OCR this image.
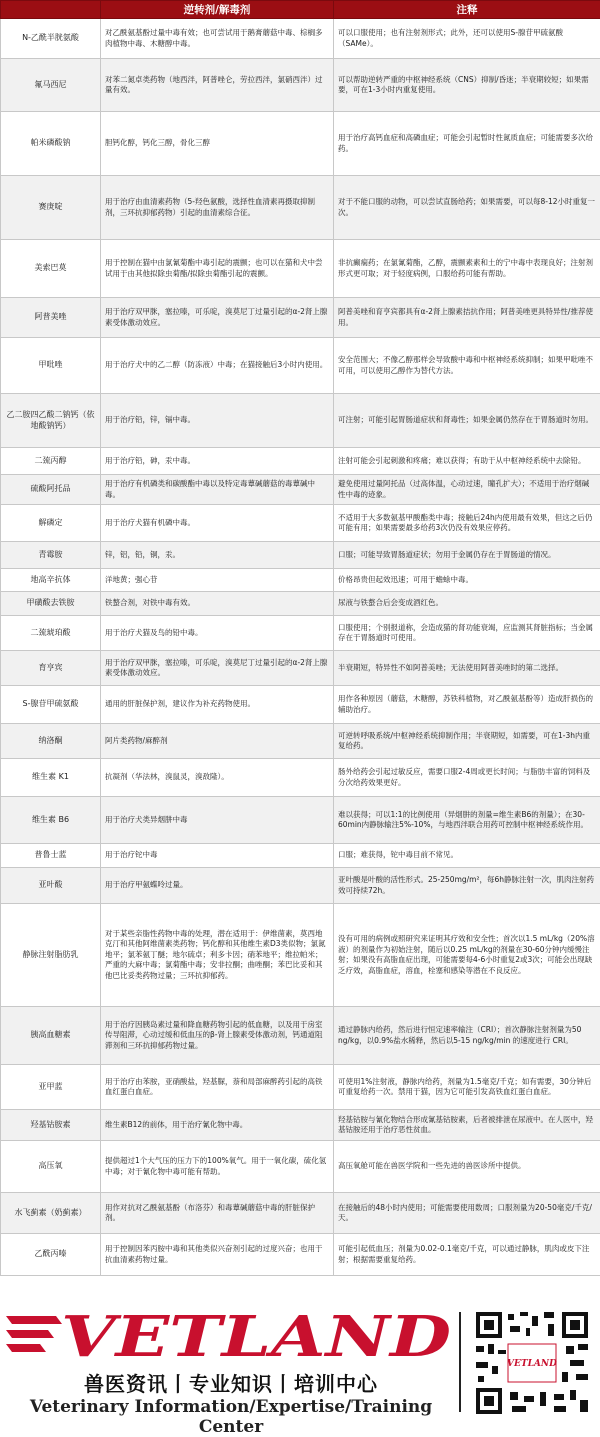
	逆转剂/解毒剂	注释
N-乙酰半胱氨酸	对乙酰氨基酚过量中毒有效；也可尝试用于鹅膏蘑菇中毒、棕榈多肉植物中毒、木糖醇中毒。	可以口服使用；也有注射剂形式；此外，还可以使用S-腺苷甲硫氨酸（SAMe）。
氟马西尼	对苯二氮卓类药物（地西泮，阿普唑仑，劳拉西泮，氯硝西泮）过量有效。	可以帮助逆转严重的中枢神经系统（CNS）抑制/昏迷；半衰期较短；如果需要，可在1-3小时内重复使用。
帕米磷酸钠	胆钙化醇，钙化三醇，骨化三醇	用于治疗高钙血症和高磷血症；可能会引起暂时性氮质血症；可能需要多次给药。
赛庚啶	用于治疗由血清素药物（5-羟色氨酸，选择性血清素再摄取抑制剂，三环抗抑郁药物）引起的血清素综合征。	对于不能口服的动物，可以尝试直肠给药；如果需要，可以每8-12小时重复一次。
美索巴莫	用于控制在猫中由氯氰菊酯中毒引起的震颤；也可以在猫和犬中尝试用于由其他拟除虫菊酯/拟除虫菊酯引起的震颤。	非抗癫痫药；在氯氰菊酯，乙醇，震颤素素和土的宁中毒中表现良好；注射剂形式更可取；对于轻度病例，口服给药可能有帮助。
阿普美唑	用于治疗双甲脒，塞拉嗪，可乐啶，溴莫尼丁过量引起的α-2肾上腺素受体激动效应。	阿普美唑和育亨宾都具有α-2肾上腺素拮抗作用；阿普美唑更具特异性/推荐使用。
甲吡唑	用于治疗犬中的乙二醇（防冻液）中毒；在猫接触后3小时内使用。	安全范围大；不像乙醇那样会导致酸中毒和中枢神经系统抑制；如果甲吡唑不可用，可以使用乙醇作为替代方法。
乙二胺四乙酸二钠钙（依地酸钠钙）	用于治疗铅，锌，镉中毒。	可注射；可能引起胃肠道症状和肾毒性；如果金属仍然存在于胃肠道时勿用。
二巯丙醇	用于治疗铅，砷，汞中毒。	注射可能会引起刺激和疼痛；难以获得；有助于从中枢神经系统中去除铅。
硫酸阿托品	用于治疗有机磷类和碳酸酯中毒以及特定毒蕈碱蘑菇的毒蕈碱中毒。	避免使用过量阿托品（过高体温，心动过速，瞳孔扩大）；不适用于治疗烟碱性中毒的迹象。
解磷定	用于治疗犬猫有机磷中毒。	不适用于大多数氨基甲酸酯类中毒；接触后24h内使用最有效果，但这之后仍可能有用；如果需要最多给药3次仍没有效果应停药。
青霉胺	锌，铝，铅，铜，汞。	口服；可能导致胃肠道症状；勿用于金属仍存在于胃肠道的情况。
地高辛抗体	洋地黄；强心苷	价格昂贵但起效迅速；可用于蟾蜍中毒。
甲磺酸去铁胺	铁螯合剂，对铁中毒有效。	尿液与铁螯合后会变成酒红色。
二巯琥珀酸	用于治疗犬猫及鸟的铅中毒。	口服使用；个别报道称，会造成猫的肾功能衰竭，应监测其肾脏指标；当金属存在于胃肠道时可使用。
育亨宾	用于治疗双甲脒，塞拉嗪，可乐啶，溴莫尼丁过量引起的α-2肾上腺素受体激动效应。	半衰期短，特异性不如阿普美唑；无法使用阿普美唑时的第二选择。
S-腺苷甲硫氨酸	通用的肝脏保护剂，建议作为补充药物使用。	用作各种原因（蘑菇，木糖醇，苏铁科植物，对乙酰氨基酚等）造成肝损伤的辅助治疗。
纳洛酮	阿片类药物/麻醉剂	可逆转呼吸系统/中枢神经系统抑制作用；半衰期短，如需要，可在1-3h内重复给药。
维生素 K1	抗凝剂（华法林，溴鼠灵，溴敌隆）。	肠外给药会引起过敏反应，需要口服2-4周或更长时间；与脂肪丰富的饲料及分次给药效果更好。
维生素 B6	用于治疗犬类异烟肼中毒	难以获得；可以1:1的比例使用（异烟肼的剂量=维生素B6的剂量）；在30-60min内静脉输注5%-10%，与地西泮联合用药可控制中枢神经系统作用。
普鲁士蓝	用于治疗铊中毒	口服；难获得，铊中毒目前不常见。
亚叶酸	用于治疗甲氨蝶呤过量。	亚叶酸是叶酸的活性形式。25-250mg/m²，每6h静脉注射一次，肌肉注射药效可持续72h。
静脉注射脂肪乳	对于某些亲脂性药物中毒的处理，潜在适用于：伊维菌素，莫西地克汀和其他阿维菌素类药物；钙化醇和其他维生素D3类似物；氯氮地平；氯苯氨丁醚；地尔硫卓；利多卡因；硝苯地平；维拉帕米；严重的大麻中毒；氯菊酯中毒；安非拉酮；曲唑酮；苯巴比妥和其他巴比妥类药物过量；三环抗抑郁药。	没有可用的病例或照研究来证明其疗效和安全性；首次以1.5 mL/kg（20%溶液）的剂量作为初始注射，随后以0.25 mL/kg的剂量在30-60分钟内缓慢注射；如果没有高脂血症出现，可能需要每4-6小时重复2或3次；可能会出现缺乏疗效，高脂血症，溶血，栓塞和感染等潜在不良反应。
胰高血糖素	用于治疗因胰岛素过量和降血糖药物引起的低血糖，以及用于房室传导阻滞，心动过缓和低血压的β-肾上腺素受体激动剂，钙通道阻滞剂和三环抗抑郁药物过量。	通过静脉内给药，然后进行恒定速率输注（CRI）；首次静脉注射剂量为50 ng/kg，以0.9%盐水稀释，然后以5-15 ng/kg/min 的速度进行 CRI。
亚甲蓝	用于治疗由苯胺，亚硝酸盐，羟基脲，萘和局部麻醉药引起的高铁血红蛋白血症。	可使用1%注射液，静脉内给药，剂量为1.5毫克/千克；如有需要，30分钟后可重复给药一次。禁用于猫，因为它可能引发高铁血红蛋白血症。
羟基钴胺素	维生素B12的前体，用于治疗氰化物中毒。	羟基钴胺与氰化物结合形成氰基钴胺素，后者被排泄在尿液中。在人医中，羟基钴胺还用于治疗恶性贫血。
高压氧	提供超过1个大气压的压力下的100%氧气。用于一氧化碳，硫化氢中毒；对于氰化物中毒可能有帮助。	高压氧舱可能在兽医学院和一些先进的兽医诊所中提供。
水飞蓟素（奶蓟素）	用作对抗对乙酰氨基酚（布洛芬）和毒蕈碱蘑菇中毒的肝脏保护剂。	在接触后的48小时内使用；可能需要使用数周；口服剂量为20-50毫克/千克/天。
乙酰丙嗪	用于控制因苯丙胺中毒和其他类似兴奋剂引起的过度兴奋；也用于抗血清素药物过量。	可能引起低血压；剂量为0.02-0.1毫克/千克，可以通过静脉，肌肉或皮下注射；根据需要重复给药。
VETLAND
兽医资讯丨专业知识丨培训中心
Veterinary Information/Expertise/Training Center
VETLAND
